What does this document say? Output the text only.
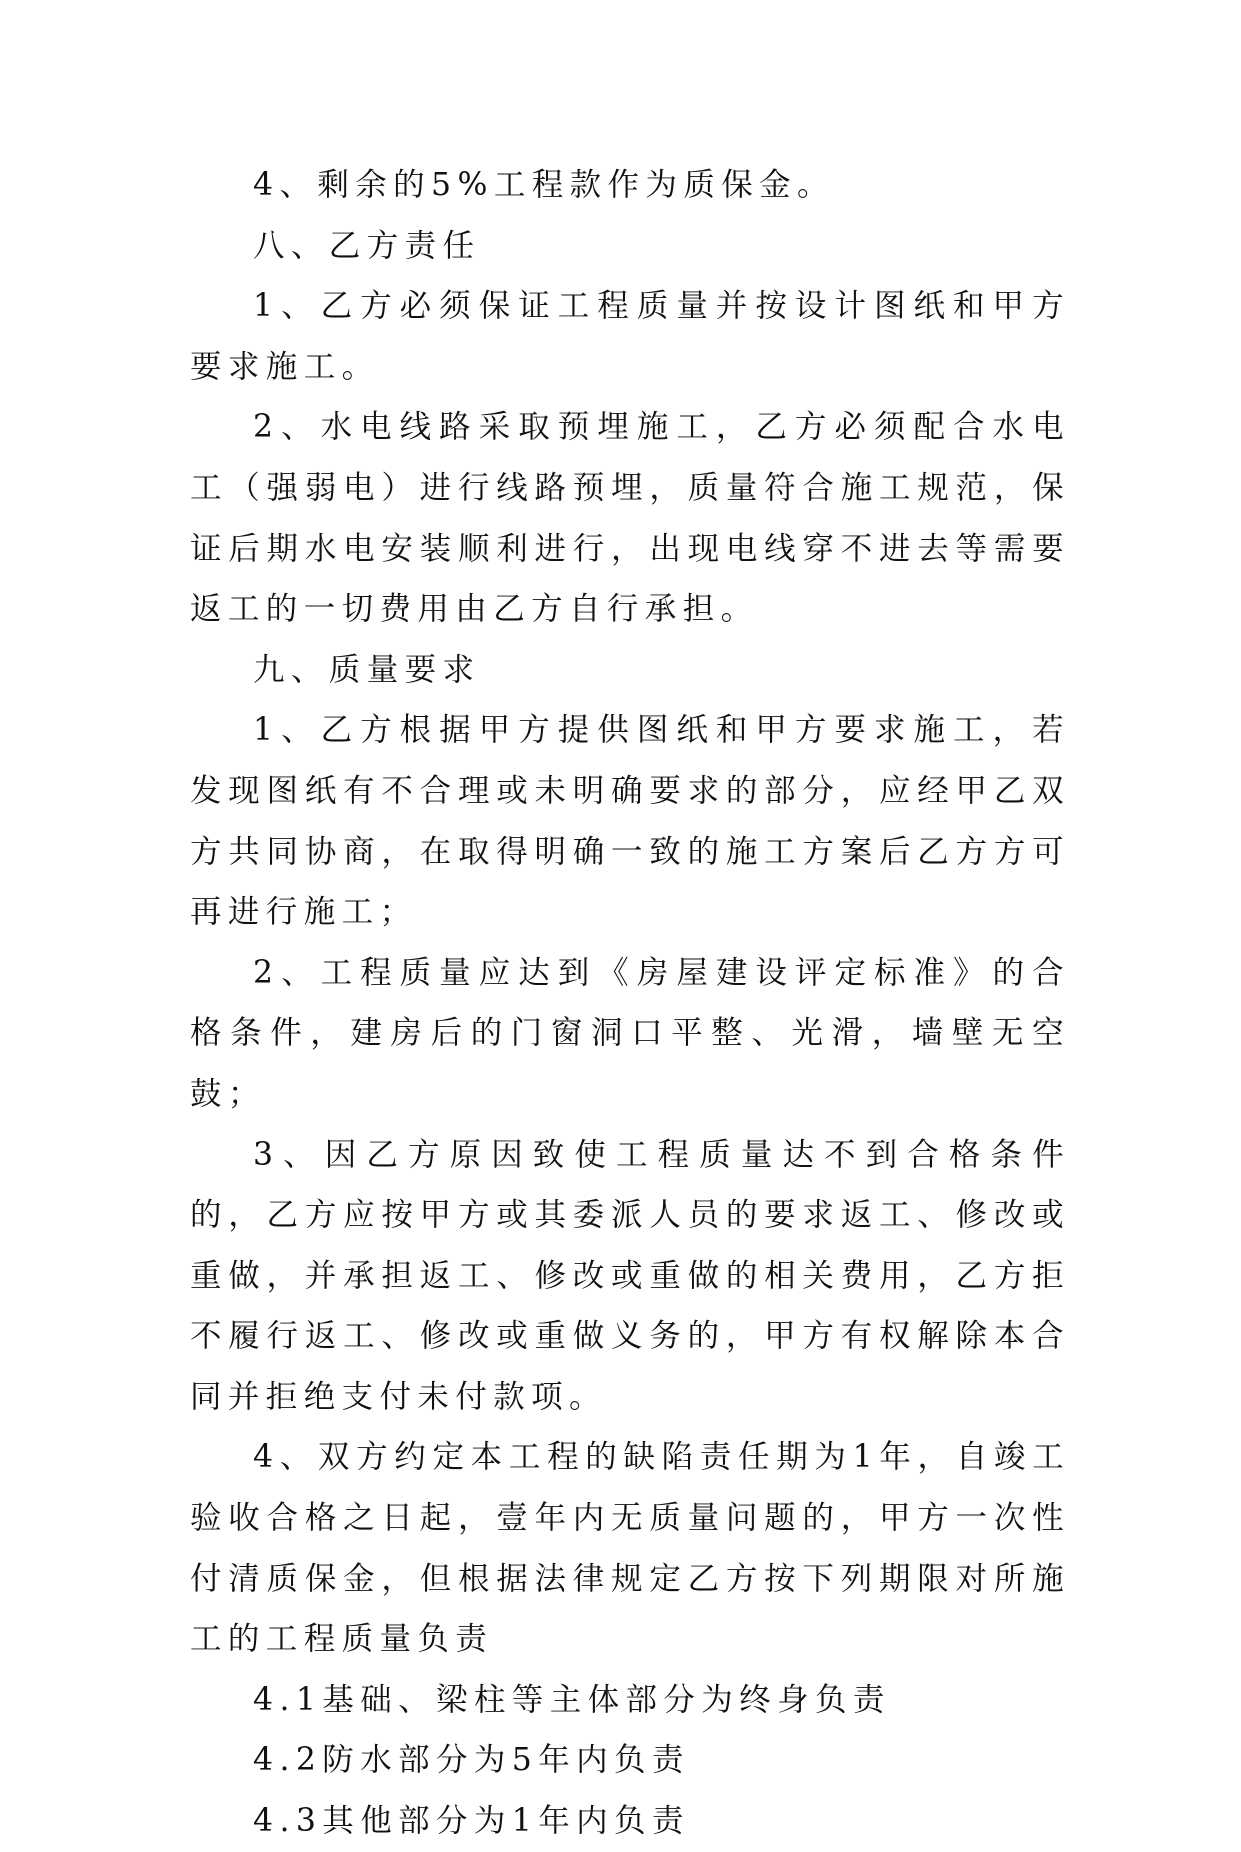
4、剩余的5%工程款作为质保金。

八、乙方责任

1、乙方必须保证工程质量并按设计图纸和甲方要求施工。

2、水电线路采取预埋施工，乙方必须配合水电工（强弱电）进行线路预埋，质量符合施工规范，保证后期水电安装顺利进行，出现电线穿不进去等需要返工的一切费用由乙方自行承担。

九、质量要求

1、乙方根据甲方提供图纸和甲方要求施工，若发现图纸有不合理或未明确要求的部分，应经甲乙双方共同协商，在取得明确一致的施工方案后乙方方可再进行施工；

2、工程质量应达到《房屋建设评定标准》的合格条件，建房后的门窗洞口平整、光滑，墙壁无空鼓；

3、因乙方原因致使工程质量达不到合格条件的，乙方应按甲方或其委派人员的要求返工、修改或重做，并承担返工、修改或重做的相关费用，乙方拒不履行返工、修改或重做义务的，甲方有权解除本合同并拒绝支付未付款项。

4、双方约定本工程的缺陷责任期为1年，自竣工验收合格之日起，壹年内无质量问题的，甲方一次性付清质保金，但根据法律规定乙方按下列期限对所施工的工程质量负责

4.1基础、梁柱等主体部分为终身负责

4.2防水部分为5年内负责

4.3其他部分为1年内负责
